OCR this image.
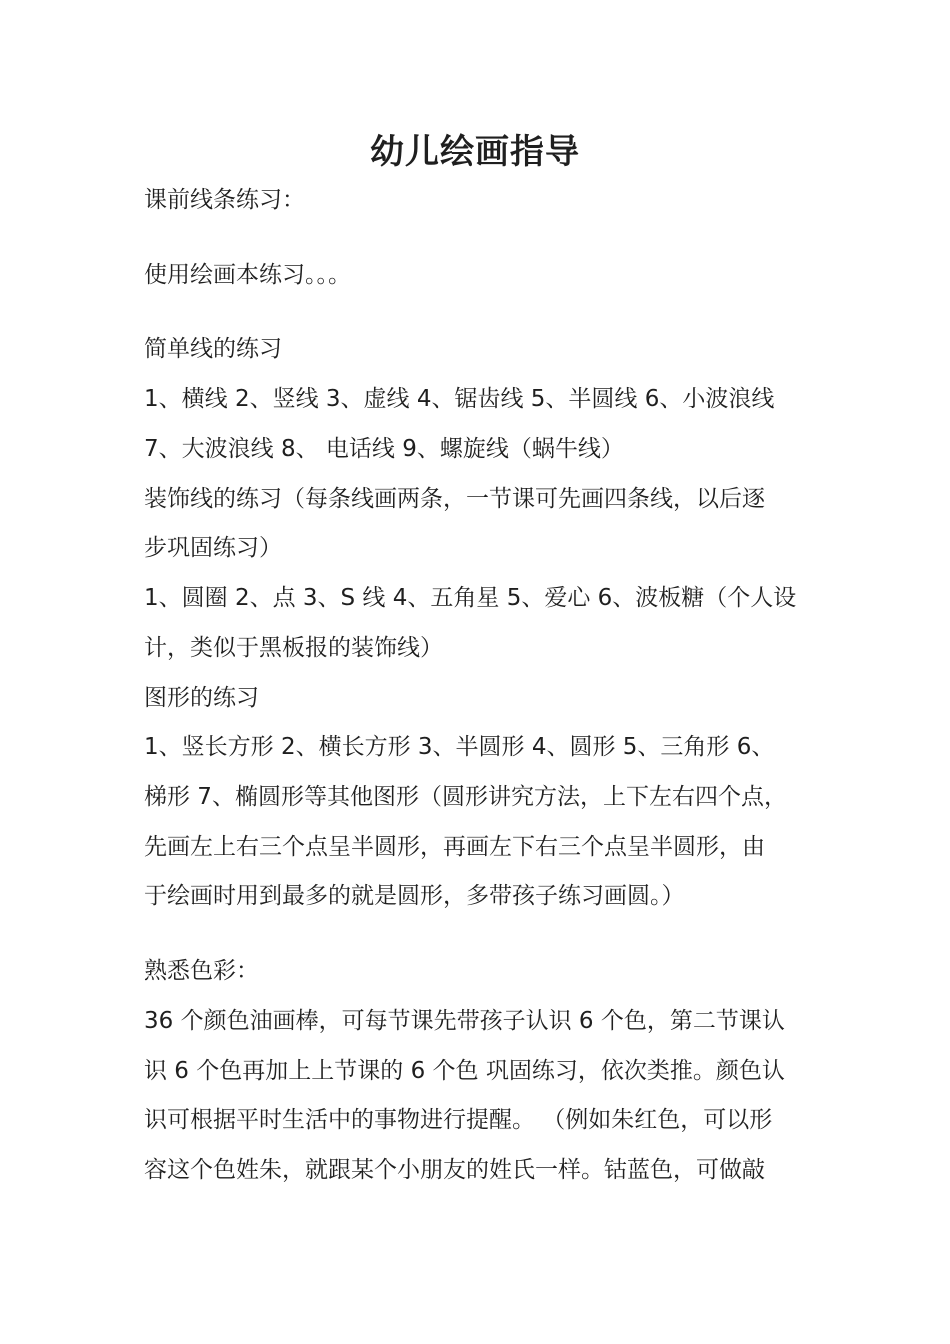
幼儿绘画指导
课前线条练习：
使用绘画本练习。。。
简单线的练习
1、横线 2、竖线 3、虚线 4、锯齿线 5、半圆线 6、小波浪线
7、大波浪线 8、 电话线 9、螺旋线（蜗牛线）
装饰线的练习（每条线画两条，一节课可先画四条线，以后逐
步巩固练习）
1、圆圈 2、点 3、S 线 4、五角星 5、爱心 6、波板糖（个人设
计，类似于黑板报的装饰线）
图形的练习
1、竖长方形 2、横长方形 3、半圆形 4、圆形 5、三角形 6、
梯形 7、椭圆形等其他图形（圆形讲究方法，上下左右四个点，
先画左上右三个点呈半圆形，再画左下右三个点呈半圆形，由
于绘画时用到最多的就是圆形，多带孩子练习画圆。）
熟悉色彩：
36 个颜色油画棒，可每节课先带孩子认识 6 个色，第二节课认
识 6 个色再加上上节课的 6 个色 巩固练习，依次类推。颜色认
识可根据平时生活中的事物进行提醒。 （例如朱红色，可以形
容这个色姓朱，就跟某个小朋友的姓氏一样。钴蓝色，可做敲
